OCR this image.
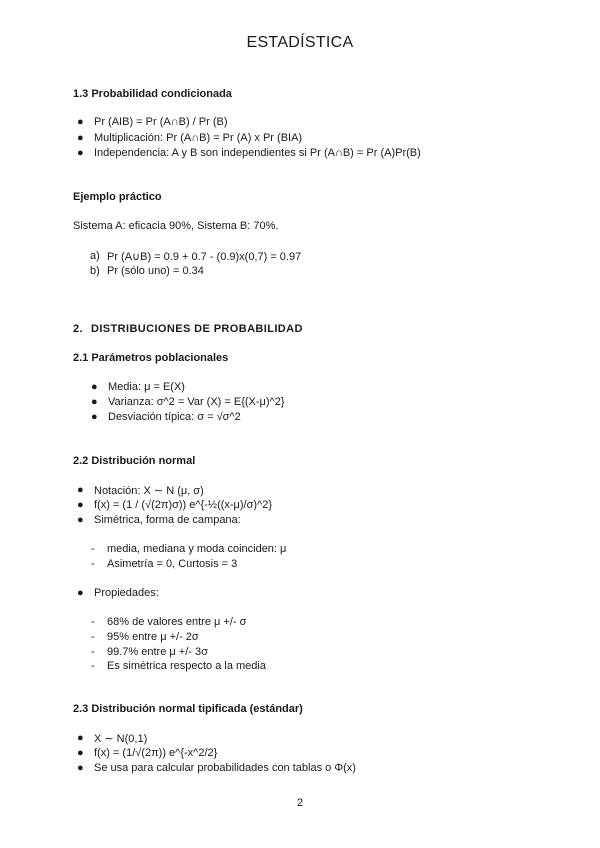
ESTADÍSTICA
1.3 Probabilidad condicionada
● Pr (AIB) = Pr (A∩B) / Pr (B)
● Multiplicación: Pr (A∩B) = Pr (A) x Pr (BIA)
● Independencia: A y B son independientes si Pr (A∩B) = Pr (A)Pr(B)
Ejemplo práctico
Sistema A: eficacia 90%, Sistema B: 70%.
a) Pr (A∪B) = 0.9 + 0.7 - (0.9)x(0,7) = 0.97
b) Pr (sólo uno) = 0.34
2. DISTRIBUCIONES DE PROBABILIDAD
2.1 Parámetros poblacionales
● Media: μ = E(X)
● Varianza: σ^2 = Var (X) = E{(X-μ)^2}
● Desviación típica: σ = √σ^2
2.2 Distribución normal
● Notación: X ∼ N (μ, σ)
● f(x) = (1 / (√(2π)σ)) e^{-½((x-μ)/σ)^2}
● Simétrica, forma de campana:
- media, mediana y moda coinciden: μ
- Asimetría = 0, Curtosis = 3
● Propiedades:
- 68% de valores entre μ +/- σ
- 95% entre μ +/- 2σ
- 99.7% entre μ +/- 3σ
- Es simétrica respecto a la media
2.3 Distribución normal tipificada (estándar)
● X ∼ N(0,1)
● f(x) = (1/√(2π)) e^{-x^2/2}
● Se usa para calcular probabilidades con tablas o Φ(x)
2
